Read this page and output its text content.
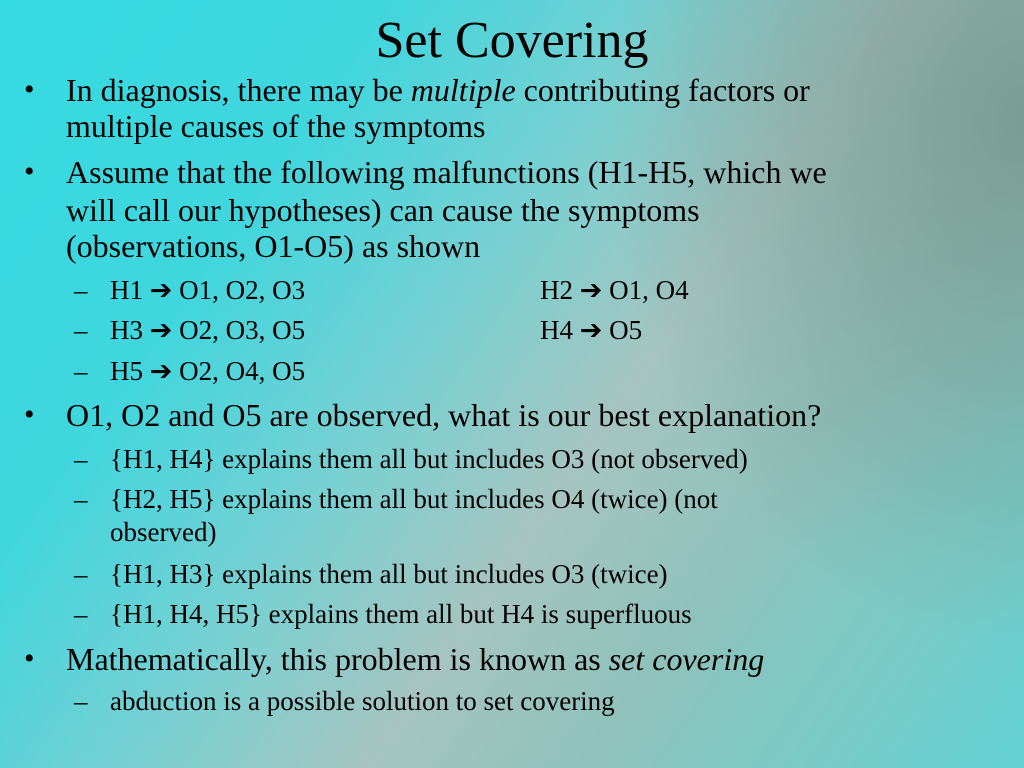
Set Covering
• In diagnosis, there may be multiple contributing factors or
multiple causes of the symptoms
• Assume that the following malfunctions (H1-H5, which we
will call our hypotheses) can cause the symptoms
(observations, O1-O5) as shown
– H1 ➔ O1, O2, O3	H2 ➔ O1, O4
– H3 ➔ O2, O3, O5	H4 ➔ O5
– H5 ➔ O2, O4, O5
• O1, O2 and O5 are observed, what is our best explanation?
– {H1, H4} explains them all but includes O3 (not observed)
– {H2, H5} explains them all but includes O4 (twice) (not
observed)
– {H1, H3} explains them all but includes O3 (twice)
– {H1, H4, H5} explains them all but H4 is superfluous
• Mathematically, this problem is known as set covering
– abduction is a possible solution to set covering
